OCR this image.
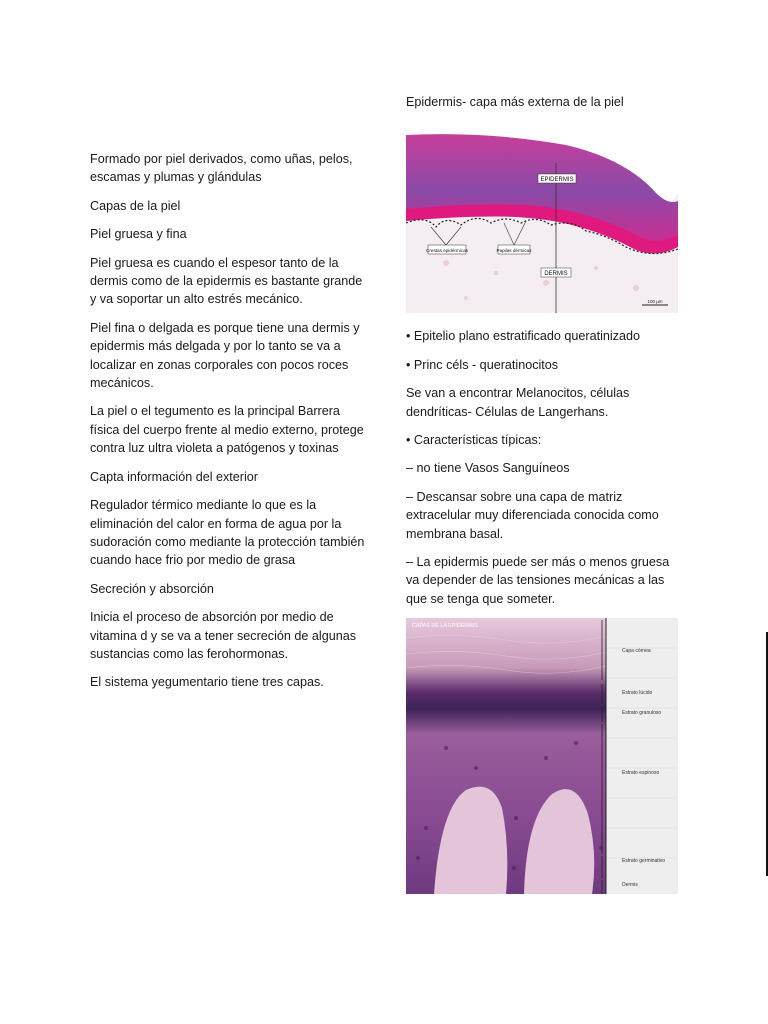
Formado por piel derivados, como uñas, pelos, escamas y plumas y glándulas

Capas de la piel

Piel gruesa y fina

Piel gruesa es cuando el espesor tanto de la dermis como de la epidermis es bastante grande y va soportar un alto estrés mecánico.

Piel fina o delgada es porque tiene una dermis y epidermis más delgada y por lo tanto se va a localizar en zonas corporales con pocos roces mecánicos.

La piel o el tegumento es la principal Barrera física del cuerpo frente al medio externo, protege contra luz ultra violeta a patógenos y toxinas

Capta información del exterior

Regulador térmico mediante lo que es la eliminación del calor en forma de agua por la sudoración como mediante la protección también cuando hace frio por medio de grasa

Secreción y absorción

Inicia el proceso de absorción por medio de vitamina d y se va a tener secreción de algunas sustancias como las ferohormonas.

El sistema yegumentario tiene tres capas.

Epidermis- capa más externa de la piel

EPIDERMIS
DERMIS
Crestas epidérmicas	Papilas dérmicas
100 µm

• Epitelio plano estratificado queratinizado

• Princ céls - queratinocitos

Se van a encontrar Melanocitos, células dendríticas- Células de Langerhans.

• Características típicas:

– no tiene Vasos Sanguíneos

– Descansar sobre una capa de matriz extracelular muy diferenciada conocida como membrana basal.

– La epidermis puede ser más o menos gruesa va depender de las tensiones mecánicas a las que se tenga que someter.

CAPAS DE LA EPIDERMIS
Capa córnea
Estrato lúcido
Estrato granuloso
Estrato espinoso
Estrato germinativo
Dermis
